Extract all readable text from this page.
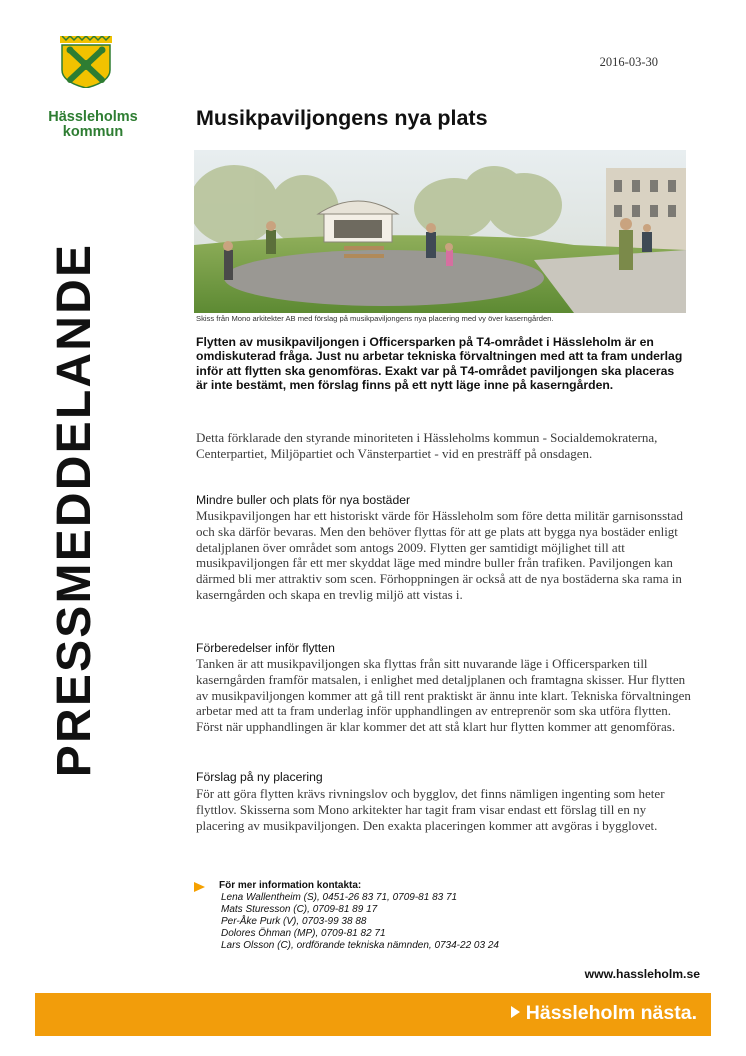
Hässleholms
kommun
PRESSMEDDELANDE
2016-03-30
Musikpaviljongens nya plats
Skiss från Mono arkitekter AB med förslag på musikpaviljongens nya placering med vy över kaserngården.
Flytten av musikpaviljongen i Officersparken på T4-området i Hässleholm är en omdiskuterad fråga. Just nu arbetar tekniska förvaltningen med att ta fram underlag inför att flytten ska genomföras. Exakt var på T4-området paviljongen ska placeras är inte bestämt, men förslag finns på ett nytt läge inne på kaserngården.
Detta förklarade den styrande minoriteten i Hässleholms kommun - Socialdemokraterna, Centerpartiet, Miljöpartiet och Vänsterpartiet - vid en presträff på onsdagen.
Mindre buller och plats för nya bostäder
Musikpaviljongen har ett historiskt värde för Hässleholm som före detta militär garnisonsstad och ska därför bevaras. Men den behöver flyttas för att ge plats att bygga nya bostäder enligt detaljplanen över området som antogs 2009. Flytten ger samtidigt möjlighet till att musikpaviljongen får ett mer skyddat läge med mindre buller från trafiken. Paviljongen kan därmed bli mer attraktiv som scen. Förhoppningen är också att de nya bostäderna ska rama in kaserngården och skapa en trevlig miljö att vistas i.
Förberedelser inför flytten
Tanken är att musikpaviljongen ska flyttas från sitt nuvarande läge i Officersparken till kaserngården framför matsalen, i enlighet med detaljplanen och framtagna skisser. Hur flytten av musikpaviljongen kommer att gå till rent praktiskt är ännu inte klart. Tekniska förvaltningen arbetar med att ta fram underlag inför upphandlingen av entreprenör som ska utföra flytten. Först när upphandlingen är klar kommer det att stå klart hur flytten kommer att genomföras.
Förslag på ny placering
För att göra flytten krävs rivningslov och bygglov, det finns nämligen ingenting som heter flyttlov. Skisserna som Mono arkitekter har tagit fram visar endast ett förslag till en ny placering av musikpaviljongen. Den exakta placeringen kommer att avgöras i bygglovet.
För mer information kontakta:
Lena Wallentheim (S), 0451-26 83 71, 0709-81 83 71
Mats Sturesson (C), 0709-81 89 17
Per-Åke Purk (V), 0703-99 38 88
Dolores Öhman (MP), 0709-81 82 71
Lars Olsson (C), ordförande tekniska nämnden, 0734-22 03 24
www.hassleholm.se
Hässleholm nästa.
